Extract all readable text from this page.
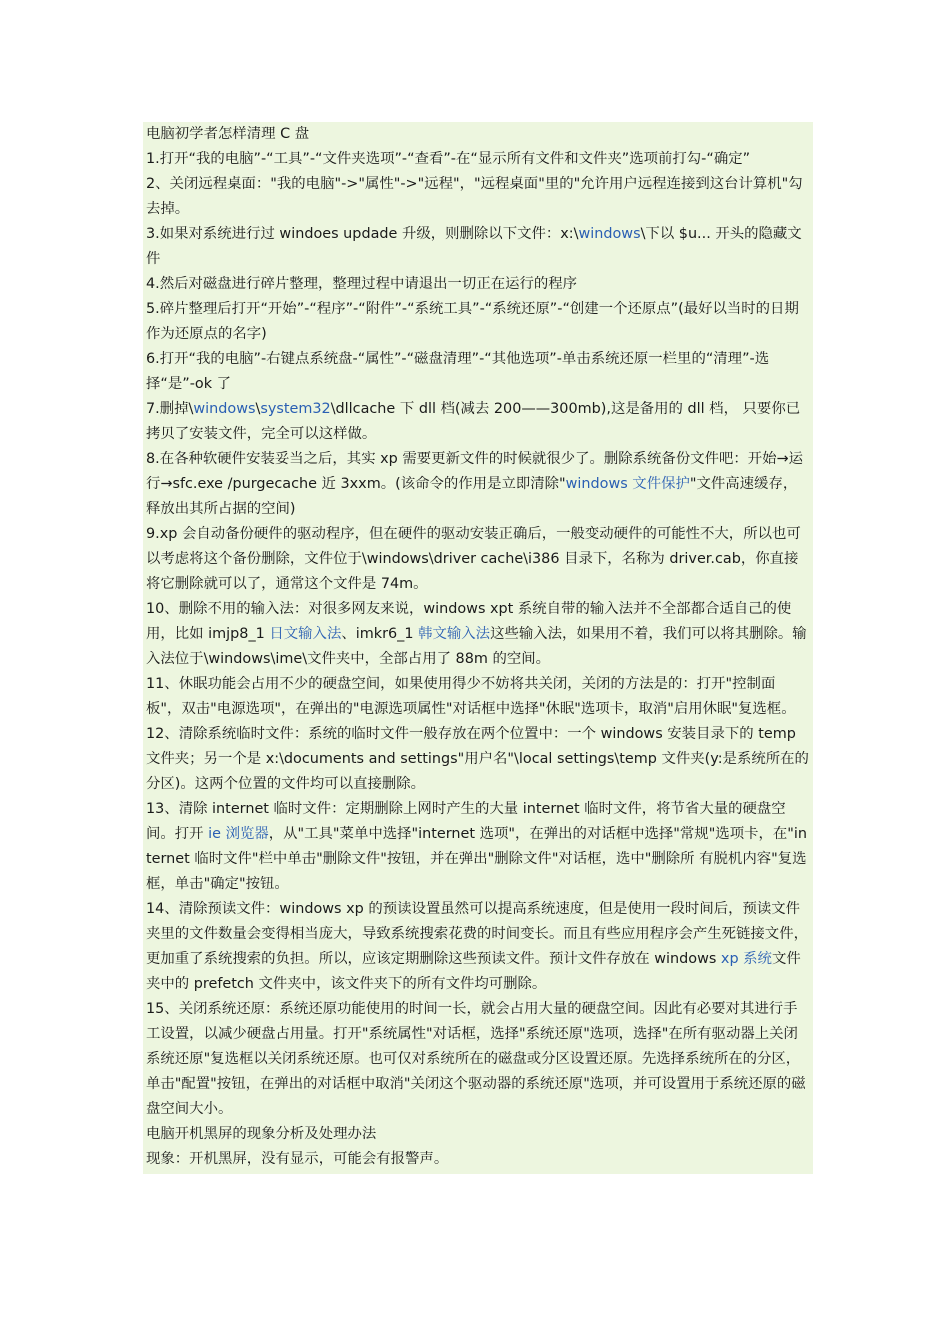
电脑初学者怎样清理 C 盘

1.打开“我的电脑”-“工具”-“文件夹选项”-“查看”-在“显示所有文件和文件夹”选项前打勾-“确定”

2、关闭远程桌面："我的电脑"->"属性"->"远程"，"远程桌面"里的"允许用户远程连接到这台计算机"勾去掉。

3.如果对系统进行过 windoes updade 升级，则删除以下文件：x:\windows\下以 $u... 开头的隐藏文件

4.然后对磁盘进行碎片整理，整理过程中请退出一切正在运行的程序

5.碎片整理后打开“开始”-“程序”-“附件”-“系统工具”-“系统还原”-“创建一个还原点”(最好以当时的日期作为还原点的名字)

6.打开“我的电脑”-右键点系统盘-“属性”-“磁盘清理”-“其他选项”-单击系统还原一栏里的“清理”-选择“是”-ok 了

7.删掉\windows\system32\dllcache 下 dll 档(减去 200——300mb),这是备用的 dll 档， 只要你已拷贝了安装文件，完全可以这样做。

8.在各种软硬件安装妥当之后，其实 xp 需要更新文件的时候就很少了。删除系统备份文件吧：开始→运行→sfc.exe /purgecache 近 3xxm。(该命令的作用是立即清除"windows 文件保护"文件高速缓存，释放出其所占据的空间)

9.xp 会自动备份硬件的驱动程序，但在硬件的驱动安装正确后，一般变动硬件的可能性不大，所以也可以考虑将这个备份删除，文件位于\windows\driver cache\i386 目录下，名称为 driver.cab，你直接将它删除就可以了，通常这个文件是 74m。

10、删除不用的输入法：对很多网友来说，windows xpt 系统自带的输入法并不全部都合适自己的使用，比如 imjp8_1 日文输入法、imkr6_1 韩文输入法这些输入法，如果用不着，我们可以将其删除。输入法位于\windows\ime\文件夹中，全部占用了 88m 的空间。

11、休眠功能会占用不少的硬盘空间，如果使用得少不妨将共关闭，关闭的方法是的：打开"控制面板"，双击"电源选项"，在弹出的"电源选项属性"对话框中选择"休眠"选项卡，取消"启用休眠"复选框。

12、清除系统临时文件：系统的临时文件一般存放在两个位置中：一个 windows 安装目录下的 temp 文件夹；另一个是 x:\documents and settings"用户名"\local settings\temp 文件夹(y:是系统所在的分区)。这两个位置的文件均可以直接删除。

13、清除 internet 临时文件：定期删除上网时产生的大量 internet 临时文件，将节省大量的硬盘空间。打开 ie 浏览器，从"工具"菜单中选择"internet 选项"，在弹出的对话框中选择"常规"选项卡，在"internet 临时文件"栏中单击"删除文件"按钮，并在弹出"删除文件"对话框，选中"删除所 有脱机内容"复选框，单击"确定"按钮。

14、清除预读文件：windows xp 的预读设置虽然可以提高系统速度，但是使用一段时间后，预读文件夹里的文件数量会变得相当庞大，导致系统搜索花费的时间变长。而且有些应用程序会产生死链接文件，更加重了系统搜索的负担。所以，应该定期删除这些预读文件。预计文件存放在 windows xp 系统文件夹中的 prefetch 文件夹中，该文件夹下的所有文件均可删除。

15、关闭系统还原：系统还原功能使用的时间一长，就会占用大量的硬盘空间。因此有必要对其进行手工设置，以减少硬盘占用量。打开"系统属性"对话框，选择"系统还原"选项，选择"在所有驱动器上关闭系统还原"复选框以关闭系统还原。也可仅对系统所在的磁盘或分区设置还原。先选择系统所在的分区，单击"配置"按钮，在弹出的对话框中取消"关闭这个驱动器的系统还原"选项，并可设置用于系统还原的磁盘空间大小。

电脑开机黑屏的现象分析及处理办法

现象：开机黑屏，没有显示，可能会有报警声。
